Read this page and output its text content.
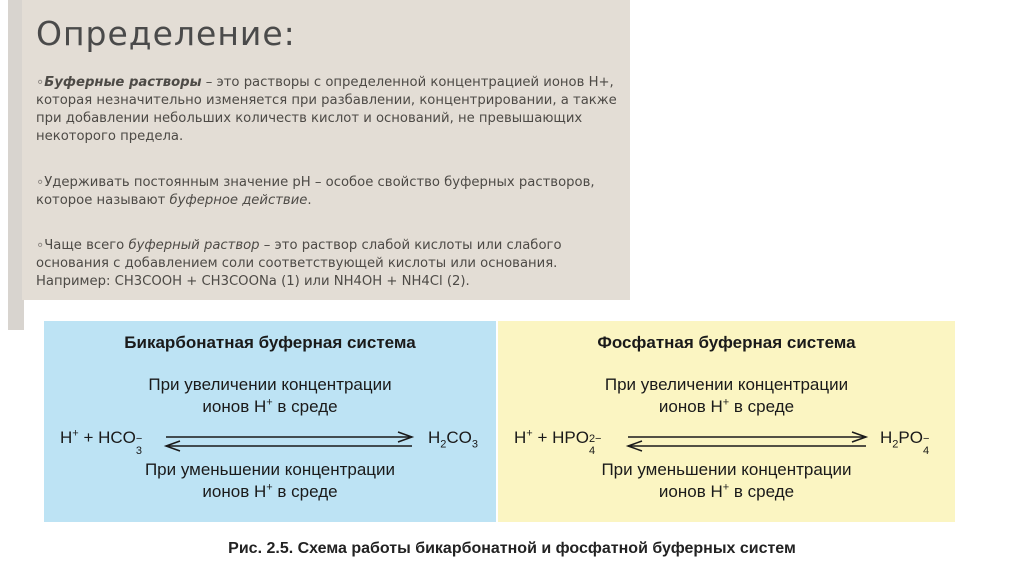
Определение:
∘Буферные растворы – это растворы с определенной концентрацией ионов Н+, которая незначительно изменяется при разбавлении, концентрировании, а также при добавлении небольших количеств кислот и оснований, не превышающих некоторого предела.
∘Удерживать постоянным значение рН – особое свойство буферных растворов, которое называют буферное действие.
∘Чаще всего буферный раствор – это раствор слабой кислоты или слабого основания с добавлением соли соответствующей кислоты или основания. Например: CH3COOH + CH3COONa (1) или NH4OH + NH4Cl (2).
Бикарбонатная буферная система
При увеличении концентрации
ионов Н+ в среде
Н+ + HCO −
3
$H_2CO_3$
При уменьшении концентрации
ионов Н+ в среде
Фосфатная буферная система
При увеличении концентрации
ионов Н+ в среде
Н+ + HPO 2−
4
$H_2PO$ −
4
При уменьшении концентрации
ионов Н+ в среде
Рис. 2.5. Схема работы бикарбонатной и фосфатной буферных систем
